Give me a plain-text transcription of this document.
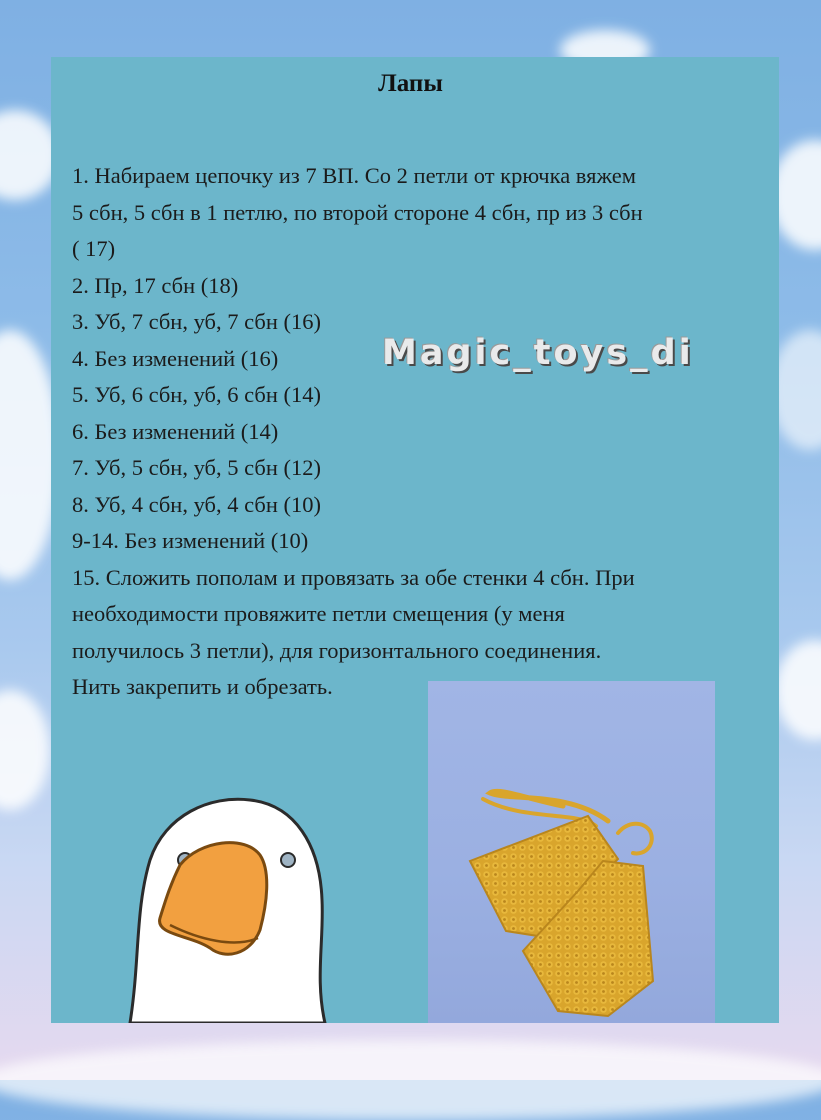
Лапы
1. Набираем цепочку из 7 ВП. Со 2 петли от крючка вяжем
5 сбн, 5 сбн в 1 петлю, по второй стороне 4 сбн, пр из 3 сбн
( 17)
2. Пр, 17 сбн (18)
3. Уб, 7 сбн, уб, 7 сбн (16)
4. Без изменений (16)
5. Уб, 6 сбн, уб, 6 сбн (14)
6. Без изменений (14)
7. Уб, 5 сбн, уб, 5 сбн (12)
8. Уб, 4 сбн, уб, 4 сбн (10)
9-14. Без изменений (10)
15. Сложить пополам и провязать за обе стенки 4 сбн. При
необходимости провяжите петли смещения (у меня
получилось 3 петли), для горизонтального соединения.
Нить закрепить и обрезать.
Magic_toys_di
